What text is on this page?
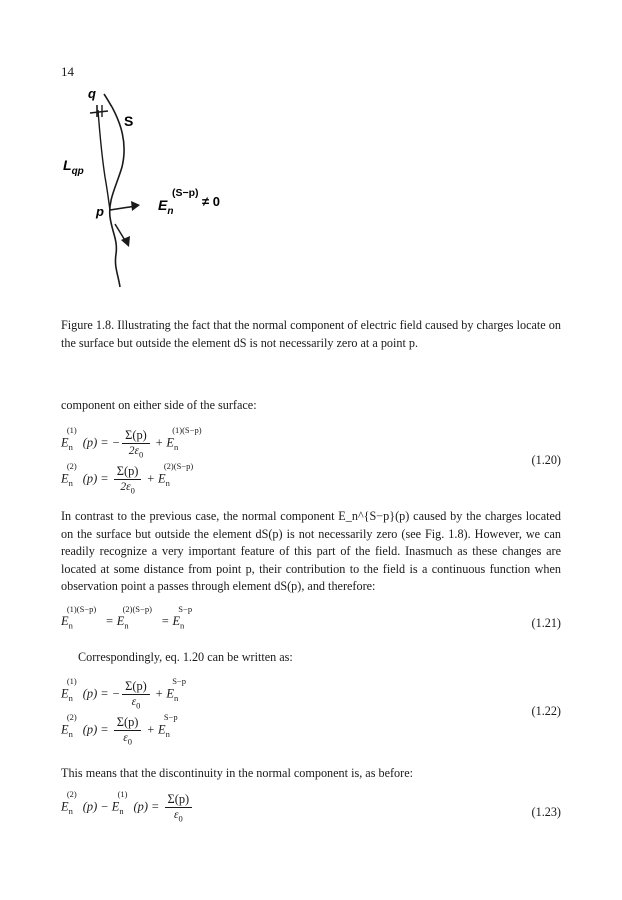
14
q
S
$L_{qp}$
p	$E_n$
(S−p)
≠ 0
Figure 1.8. Illustrating the fact that the normal component of electric field caused by charges locate on the surface but outside the element dS is not necessarily zero at a point p.
component on either side of the surface:
$E_n^{(1)}(p)$ = − $\frac{\Sigma(p)}{2\varepsilon_0} + E_n^{(1)(S-p)}$
$E_n^{(2)}(p) = \frac{\Sigma(p)}{2\varepsilon_0} + E_n^{(2)(S-p)}$	(1.20)
In contrast to the previous case, the normal component E_n^{S−p}(p) caused by the charges located on the surface but outside the element dS(p) is not necessarily zero (see Fig. 1.8). However, we can readily recognize a very important feature of this part of the field. Inasmuch as these changes are located at some distance from point p, their contribution to the field is a continuous function when observation point a passes through element dS(p), and therefore:
$E_n^{(1)(S-p)} = E_n^{(2)(S-p)} = E_n^{S-p}$
(1.21)
Correspondingly, eq. 1.20 can be written as:
$E_n^{(1)}(p)$ = − $\frac{\Sigma(p)}{\varepsilon_0} + E_n^{S-p}$
$E_n^{(2)}(p) = \frac{\Sigma(p)}{\varepsilon_0} + E_n^{S-p}$	(1.22)
This means that the discontinuity in the normal component is, as before:
$E_n^{(2)}(p) - E_n^{(1)}(p) = \frac{\Sigma(p)}{\varepsilon_0}$	(1.23)
